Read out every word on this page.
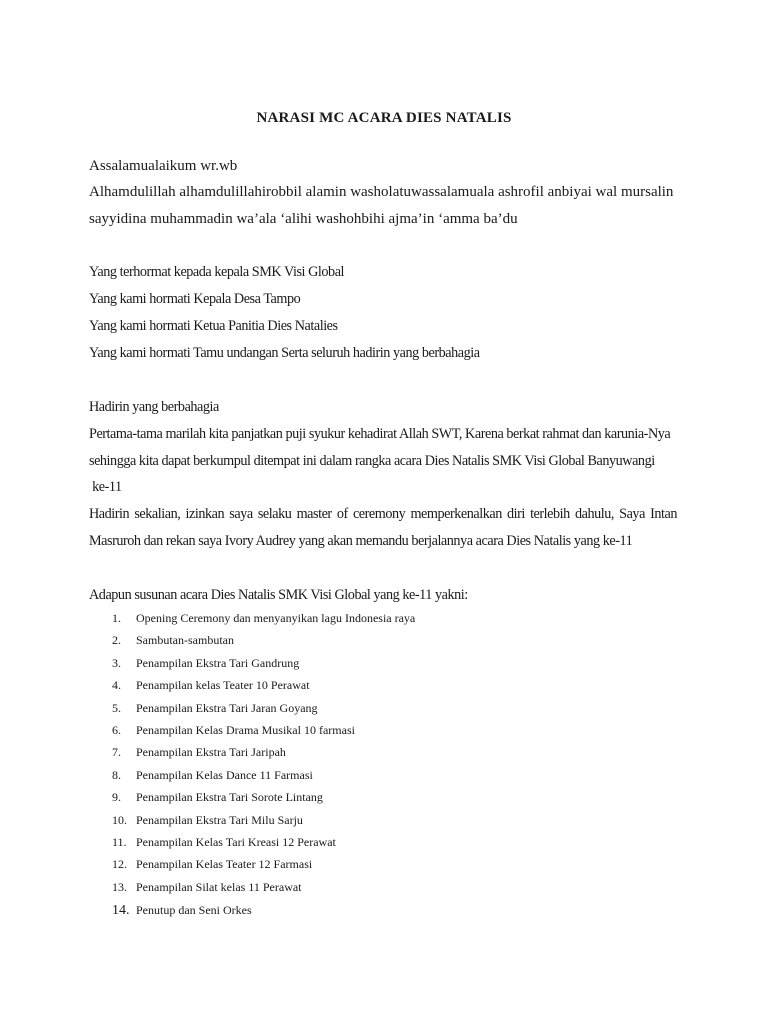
NARASI MC ACARA DIES NATALIS
Assalamualaikum wr.wb
Alhamdulillah alhamdulillahirobbil alamin washolatuwassalamuala ashrofil anbiyai wal mursalin
sayyidina muhammadin wa’ala ‘alihi washohbihi ajma’in ‘amma ba’du
Yang terhormat kepada kepala SMK Visi Global
Yang kami hormati Kepala Desa Tampo
Yang kami hormati Ketua Panitia Dies Natalies
Yang kami hormati Tamu undangan Serta seluruh hadirin yang berbahagia
Hadirin yang berbahagia
Pertama-tama marilah kita panjatkan puji syukur kehadirat Allah SWT, Karena berkat rahmat dan karunia-Nya
sehingga kita dapat berkumpul ditempat ini dalam rangka acara Dies Natalis SMK Visi Global Banyuwangi
ke-11
Hadirin sekalian, izinkan saya selaku master of ceremony memperkenalkan diri terlebih dahulu, Saya Intan
Masruroh dan rekan saya Ivory Audrey yang akan memandu berjalannya acara Dies Natalis yang ke-11
Adapun susunan acara Dies Natalis SMK Visi Global yang ke-11 yakni:
1. Opening Ceremony dan menyanyikan lagu Indonesia raya
2. Sambutan-sambutan
3. Penampilan Ekstra Tari Gandrung
4. Penampilan kelas Teater 10 Perawat
5. Penampilan Ekstra Tari Jaran Goyang
6. Penampilan Kelas Drama Musikal 10 farmasi
7. Penampilan Ekstra Tari Jaripah
8. Penampilan Kelas Dance 11 Farmasi
9. Penampilan Ekstra Tari Sorote Lintang
10. Penampilan Ekstra Tari Milu Sarju
11. Penampilan Kelas Tari Kreasi 12 Perawat
12. Penampilan Kelas Teater 12 Farmasi
13. Penampilan Silat kelas 11 Perawat
14. Penutup dan Seni Orkes
